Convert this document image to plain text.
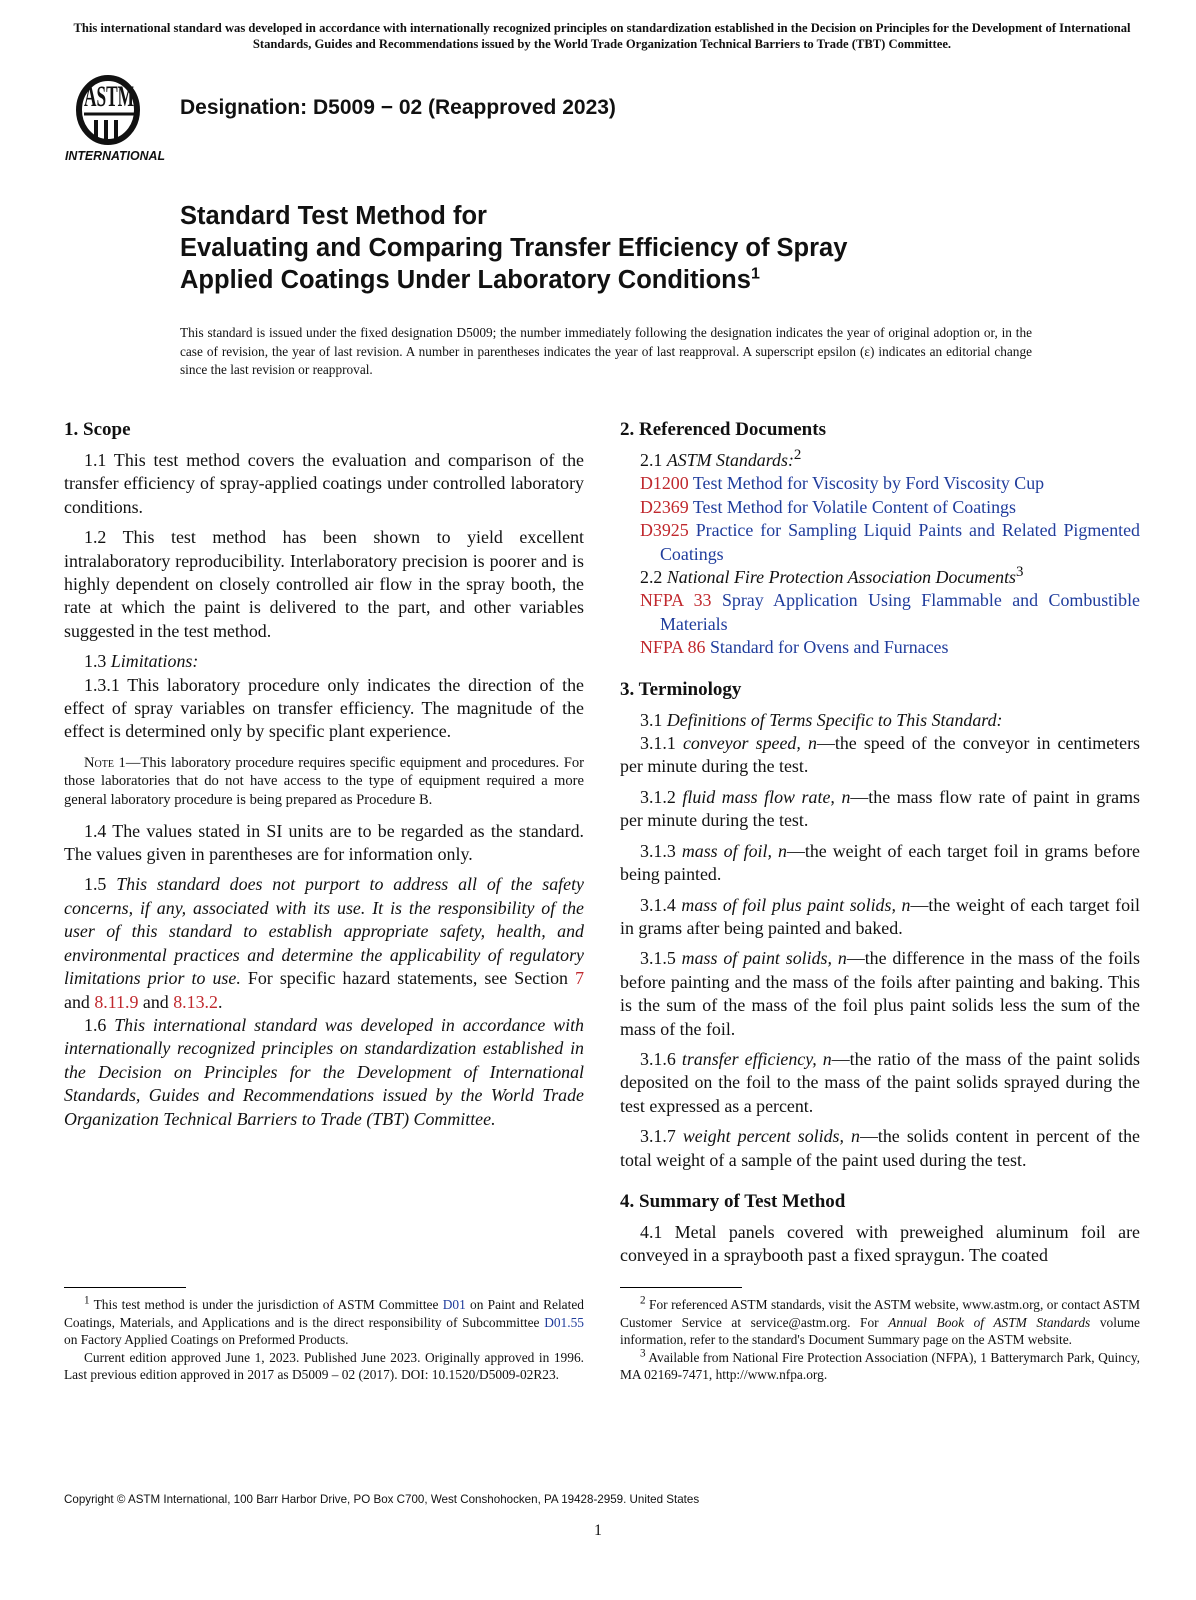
This international standard was developed in accordance with internationally recognized principles on standardization established in the Decision on Principles for the Development of International Standards, Guides and Recommendations issued by the World Trade Organization Technical Barriers to Trade (TBT) Committee.
ASTM
INTERNATIONAL
Designation: D5009 − 02 (Reapproved 2023)
Standard Test Method for
Evaluating and Comparing Transfer Efficiency of Spray
Applied Coatings Under Laboratory Conditions$^1$
This standard is issued under the fixed designation D5009; the number immediately following the designation indicates the year of original adoption or, in the case of revision, the year of last revision. A number in parentheses indicates the year of last reapproval. A superscript epsilon (ε) indicates an editorial change since the last revision or reapproval.
1. Scope

1.1 This test method covers the evaluation and comparison of the transfer efficiency of spray-applied coatings under controlled laboratory conditions.

1.2 This test method has been shown to yield excellent intralaboratory reproducibility. Interlaboratory precision is poorer and is highly dependent on closely controlled air flow in the spray booth, the rate at which the paint is delivered to the part, and other variables suggested in the test method.

1.3 Limitations:

1.3.1 This laboratory procedure only indicates the direction of the effect of spray variables on transfer efficiency. The magnitude of the effect is determined only by specific plant experience.

Note 1—This laboratory procedure requires specific equipment and procedures. For those laboratories that do not have access to the type of equipment required a more general laboratory procedure is being prepared as Procedure B.

1.4 The values stated in SI units are to be regarded as the standard. The values given in parentheses are for information only.

1.5 This standard does not purport to address all of the safety concerns, if any, associated with its use. It is the responsibility of the user of this standard to establish appropriate safety, health, and environmental practices and determine the applicability of regulatory limitations prior to use. For specific hazard statements, see Section 7 and 8.11.9 and 8.13.2.

1.6 This international standard was developed in accordance with internationally recognized principles on standardization established in the Decision on Principles for the Development of International Standards, Guides and Recommendations issued by the World Trade Organization Technical Barriers to Trade (TBT) Committee.

2. Referenced Documents
2.1 ASTM Standards:$^2$
D1200 Test Method for Viscosity by Ford Viscosity Cup
D2369 Test Method for Volatile Content of Coatings
D3925 Practice for Sampling Liquid Paints and Related Pigmented Coatings
2.2 National Fire Protection Association Documents$^3$
NFPA 33 Spray Application Using Flammable and Combustible Materials
NFPA 86 Standard for Ovens and Furnaces
3. Terminology
3.1 Definitions of Terms Specific to This Standard:

3.1.1 conveyor speed, n—the speed of the conveyor in centimeters per minute during the test.

3.1.2 fluid mass flow rate, n—the mass flow rate of paint in grams per minute during the test.

3.1.3 mass of foil, n—the weight of each target foil in grams before being painted.

3.1.4 mass of foil plus paint solids, n—the weight of each target foil in grams after being painted and baked.

3.1.5 mass of paint solids, n—the difference in the mass of the foils before painting and the mass of the foils after painting and baking. This is the sum of the mass of the foil plus paint solids less the sum of the mass of the foil.

3.1.6 transfer efficiency, n—the ratio of the mass of the paint solids deposited on the foil to the mass of the paint solids sprayed during the test expressed as a percent.

3.1.7 weight percent solids, n—the solids content in percent of the total weight of a sample of the paint used during the test.

4. Summary of Test Method

4.1 Metal panels covered with preweighed aluminum foil are conveyed in a spraybooth past a fixed spraygun. The coated

$^1$ This test method is under the jurisdiction of ASTM Committee D01 on Paint and Related Coatings, Materials, and Applications and is the direct responsibility of Subcommittee D01.55 on Factory Applied Coatings on Preformed Products.
Current edition approved June 1, 2023. Published June 2023. Originally approved in 1996. Last previous edition approved in 2017 as D5009 – 02 (2017). DOI: 10.1520/D5009-02R23.
$^2$ For referenced ASTM standards, visit the ASTM website, www.astm.org, or contact ASTM Customer Service at service@astm.org. For Annual Book of ASTM Standards volume information, refer to the standard's Document Summary page on the ASTM website.
$^3$ Available from National Fire Protection Association (NFPA), 1 Batterymarch Park, Quincy, MA 02169-7471, http://www.nfpa.org.
Copyright © ASTM International, 100 Barr Harbor Drive, PO Box C700, West Conshohocken, PA 19428-2959. United States
1
